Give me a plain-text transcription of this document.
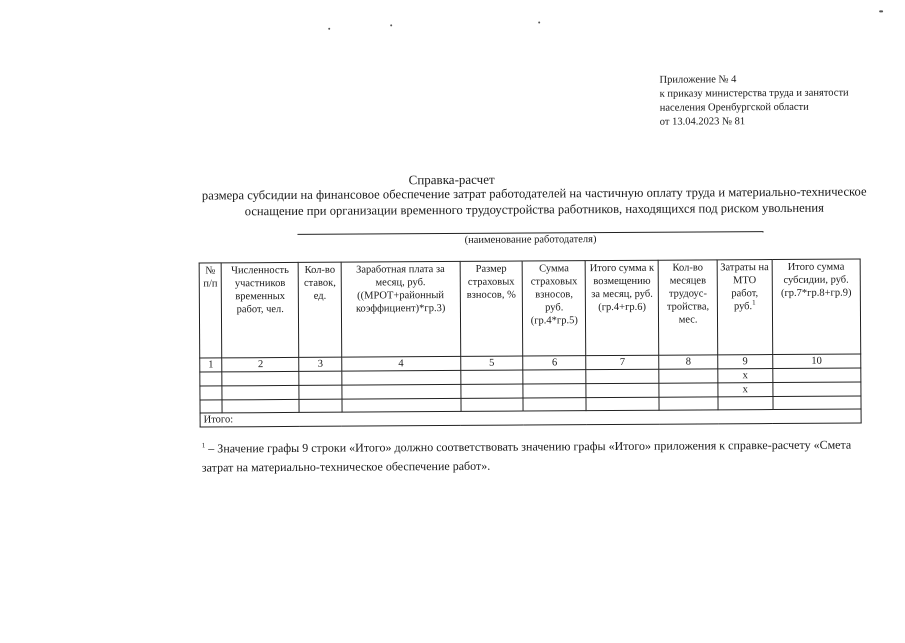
Приложение № 4
к приказу министерства труда и занятости
населения Оренбургской области
от 13.04.2023 № 81
Справка-расчет
размера субсидии на финансовое обеспечение затрат работодателей на частичную оплату труда и материально-техническое оснащение при организации временного трудоустройства работников, находящихся под риском увольнения
(наименование работодателя)
№ п/п	Численность участников временных работ, чел.	Кол-во ставок, ед.	Заработная плата за месяц, руб. ((МРОТ+районный коэффициент)*гр.3)	Размер страховых взносов, %	Сумма страховых взносов, руб. (гр.4*гр.5)	Итого сумма к возмещению за месяц, руб. (гр.4+гр.6)	Кол-во месяцев трудоус-тройства, мес.	Затраты на МТО работ, руб.$^1$	Итого сумма субсидии, руб. (гр.7*гр.8+гр.9)
1	2	3	4	5	6	7	8	9	10
								x	
								x	

Итого:									
$^1$ – Значение графы 9 строки «Итого» должно соответствовать значению графы «Итого» приложения к справке-расчету «Смета затрат на материально-техническое обеспечение работ».
